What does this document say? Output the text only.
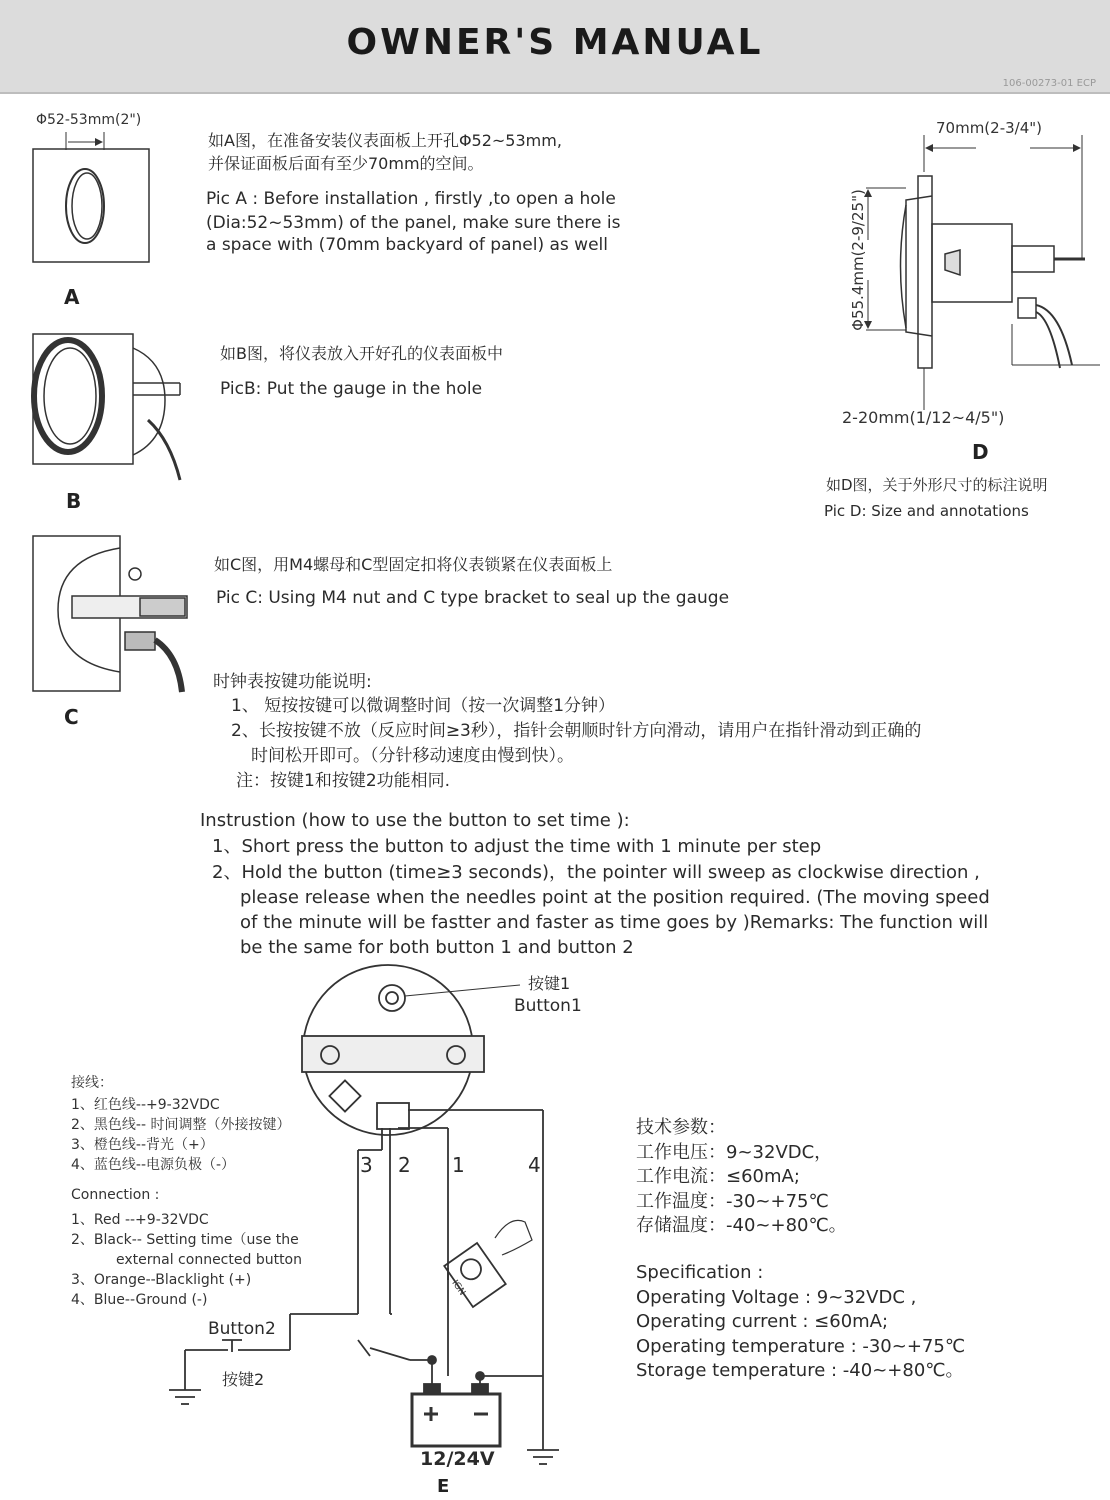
OWNER'S MANUAL
106-00273-01 ECP
Φ52-53mm(2")
A
如A图，在准备安装仪表面板上开孔Φ52~53mm,
并保证面板后面有至少70mm的空间。
Pic A : Before installation , firstly ,to open a hole
(Dia:52~53mm) of the panel, make sure there is
a space with (70mm backyard of panel) as well
B
如B图，将仪表放入开好孔的仪表面板中
PicB: Put the gauge in the hole
C
如C图，用M4螺母和C型固定扣将仪表锁紧在仪表面板上
Pic C: Using M4 nut and C type bracket to seal up the gauge
70mm(2-3/4")
Φ55.4mm(2-9/25")
2-20mm(1/12~4/5")
D
如D图，关于外形尺寸的标注说明
Pic D: Size and annotations
时钟表按键功能说明:
1、 短按按键可以微调整时间（按一次调整1分钟）
2、长按按键不放（反应时间≥3秒），指针会朝顺时针方向滑动，请用户在指针滑动到正确的
时间松开即可。（分针移动速度由慢到快）。
注：按键1和按键2功能相同.
Instrustion (how to use the button to set time ):
1、Short press the button to adjust the time with 1 minute per step
2、Hold the button (time≥3 seconds)，the pointer will sweep as clockwise direction ,
please release when the needles point at the position required. (The moving speed
of the minute will be fastter and faster as time goes by )Remarks: The function will
be the same for both button 1 and button 2
按键1
Button1
3 2 1	4
IGN
Button2
按键2
12/24V
E
接线：
1、红色线--+9-32VDC
2、黑色线-- 时间调整（外接按键）
3、橙色线--背光（+）
4、蓝色线--电源负极（-）
Connection :
1、Red --+9-32VDC
2、Black-- Setting time（use the
external connected button
3、Orange--Blacklight (+)
4、Blue--Ground (-)
技术参数：
工作电压：9~32VDC，
工作电流：≤60mA;
工作温度：-30~+75℃
存储温度：-40~+80℃。
Specification :
Operating Voltage : 9~32VDC ,
Operating current : ≤60mA;
Operating temperature : -30~+75℃
Storage temperature : -40~+80℃。
